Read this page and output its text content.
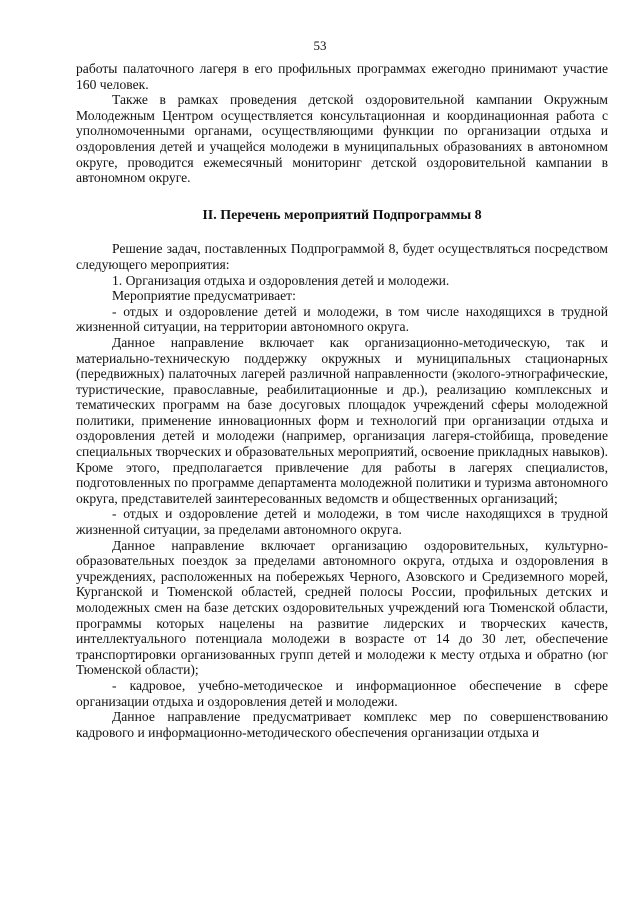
53

работы палаточного лагеря в его профильных программах ежегодно принимают участие 160 человек.

Также в рамках проведения детской оздоровительной кампании Окружным Молодежным Центром осуществляется консультационная и координационная работа с уполномоченными органами, осуществляющими функции по организации отдыха и оздоровления детей и учащейся молодежи в муниципальных образованиях в автономном округе, проводится ежемесячный мониторинг детской оздоровительной кампании в автономном округе.

II. Перечень мероприятий Подпрограммы 8

Решение задач, поставленных Подпрограммой 8, будет осуществляться посредством следующего мероприятия:

1. Организация отдыха и оздоровления детей и молодежи.

Мероприятие предусматривает:

- отдых и оздоровление детей и молодежи, в том числе находящихся в трудной жизненной ситуации, на территории автономного округа.

Данное направление включает как организационно-методическую, так и материально-техническую поддержку окружных и муниципальных стационарных (передвижных) палаточных лагерей различной направленности (эколого-этнографические, туристические, православные, реабилитационные и др.), реализацию комплексных и тематических программ на базе досуговых площадок учреждений сферы молодежной политики, применение инновационных форм и технологий при организации отдыха и оздоровления детей и молодежи (например, организация лагеря-стойбища, проведение специальных творческих и образовательных мероприятий, освоение прикладных навыков). Кроме этого, предполагается привлечение для работы в лагерях специалистов, подготовленных по программе департамента молодежной политики и туризма автономного округа, представителей заинтересованных ведомств и общественных организаций;

- отдых и оздоровление детей и молодежи, в том числе находящихся в трудной жизненной ситуации, за пределами автономного округа.

Данное направление включает организацию оздоровительных, культурно-образовательных поездок за пределами автономного округа, отдыха и оздоровления в учреждениях, расположенных на побережьях Черного, Азовского и Средиземного морей, Курганской и Тюменской областей, средней полосы России, профильных детских и молодежных смен на базе детских оздоровительных учреждений юга Тюменской области, программы которых нацелены на развитие лидерских и творческих качеств, интеллектуального потенциала молодежи в возрасте от 14 до 30 лет, обеспечение транспортировки организованных групп детей и молодежи к месту отдыха и обратно (юг Тюменской области);

- кадровое, учебно-методическое и информационное обеспечение в сфере организации отдыха и оздоровления детей и молодежи.

Данное направление предусматривает комплекс мер по совершенствованию кадрового и информационно-методического обеспечения организации отдыха и
